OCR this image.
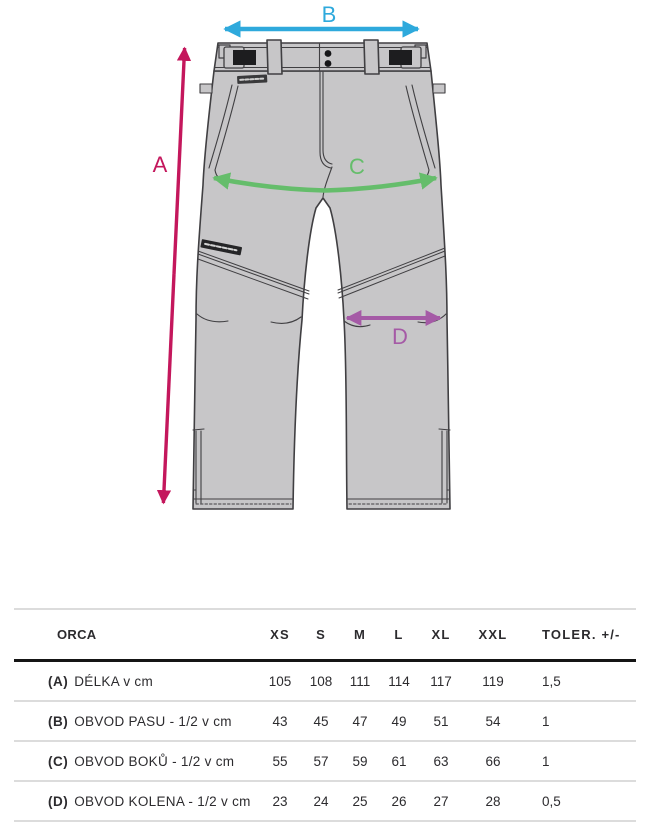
A
B
C
D
ORCA	XS	S	M	L	XL	XXL	TOLER. +/-
(A) DÉLKA v cm	105	108	111	114	117	119	1,5
(B) OBVOD PASU - 1/2 v cm	43	45	47	49	51	54	1
(C) OBVOD BOKŮ - 1/2 v cm	55	57	59	61	63	66	1
(D) OBVOD KOLENA - 1/2 v cm	23	24	25	26	27	28	0,5
